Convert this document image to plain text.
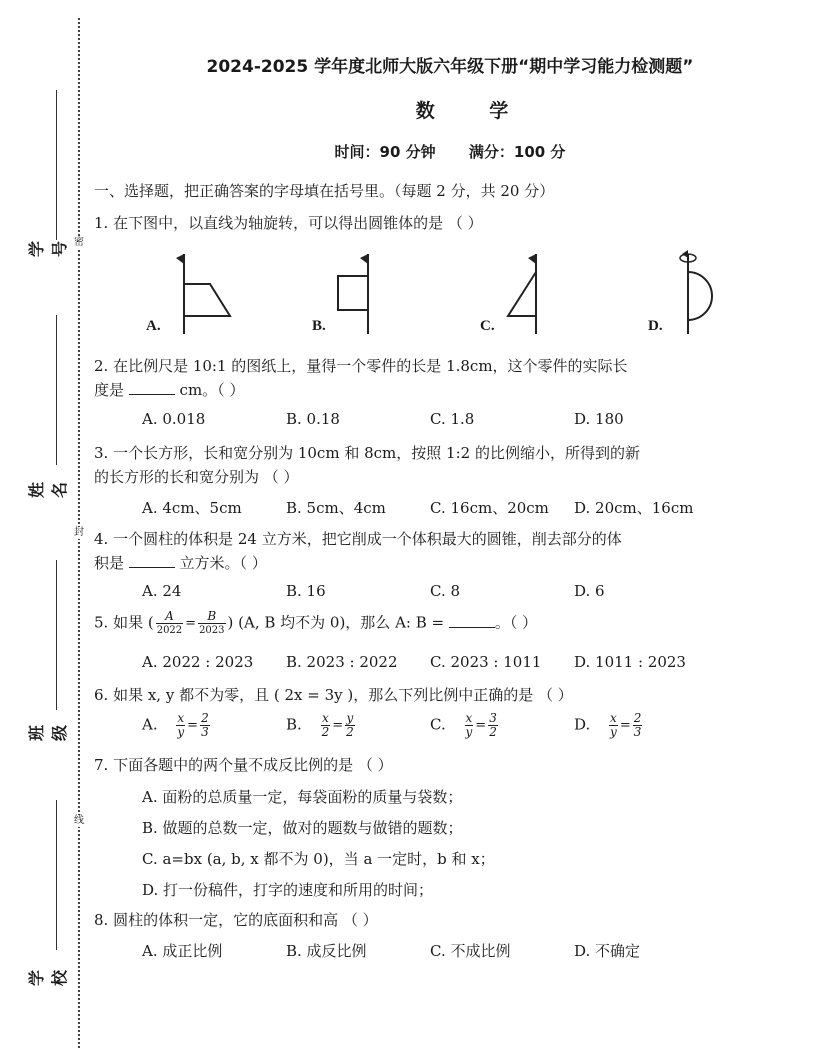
学号
姓名
班级
学校
密
封
线
2024-2025 学年度北师大版六年级下册“期中学习能力检测题”
数 学
时间：90 分钟 满分：100 分
一、选择题，把正确答案的字母填在括号里。（每题 2 分，共 20 分）
1. 在下图中，以直线为轴旋转，可以得出圆锥体的是 （ ）
A.	B.	C.	D.
2. 在比例尺是 10:1 的图纸上，量得一个零件的长是 1.8cm，这个零件的实际长
度是	cm。（ ）
A. 0.018	B. 0.18	C. 1.8	D. 180
3. 一个长方形，长和宽分别为 10cm 和 8cm，按照 1:2 的比例缩小，所得到的新
的长方形的长和宽分别为 （ ）
A. 4cm、5cm	B. 5cm、4cm	C. 16cm、20cm D. 20cm、16cm
4. 一个圆柱的体积是 24 立方米，把它削成一个体积最大的圆锥，削去部分的体
积是	立方米。（ ）
A. 24	B. 16	C. 8	D. 6
5. 如果 ( $\frac{A}{2022} = \frac{B}{2023}$ ) (A, B 均不为 0)，那么 A: B =	。（ ）
A. 2022 : 2023 B. 2023 : 2022 C. 2023 : 1011 D. 1011 : 2023
6. 如果 x, y 都不为零，且 ( 2x = 3y )，那么下列比例中正确的是 （ ）
A. $\frac{x}{y} = \frac{2}{3}$	B. $\frac{x}{2} = \frac{y}{2}$	C. $\frac{x}{y} = \frac{3}{2}$	D. $\frac{x}{y} = \frac{2}{3}$
7. 下面各题中的两个量不成反比例的是 （ ）
A. 面粉的总质量一定，每袋面粉的质量与袋数；
B. 做题的总数一定，做对的题数与做错的题数；
C. a=bx (a, b, x 都不为 0)，当 a 一定时，b 和 x；
D. 打一份稿件，打字的速度和所用的时间；
8. 圆柱的体积一定，它的底面积和高 （ ）
A. 成正比例	B. 成反比例	C. 不成比例	D. 不确定
